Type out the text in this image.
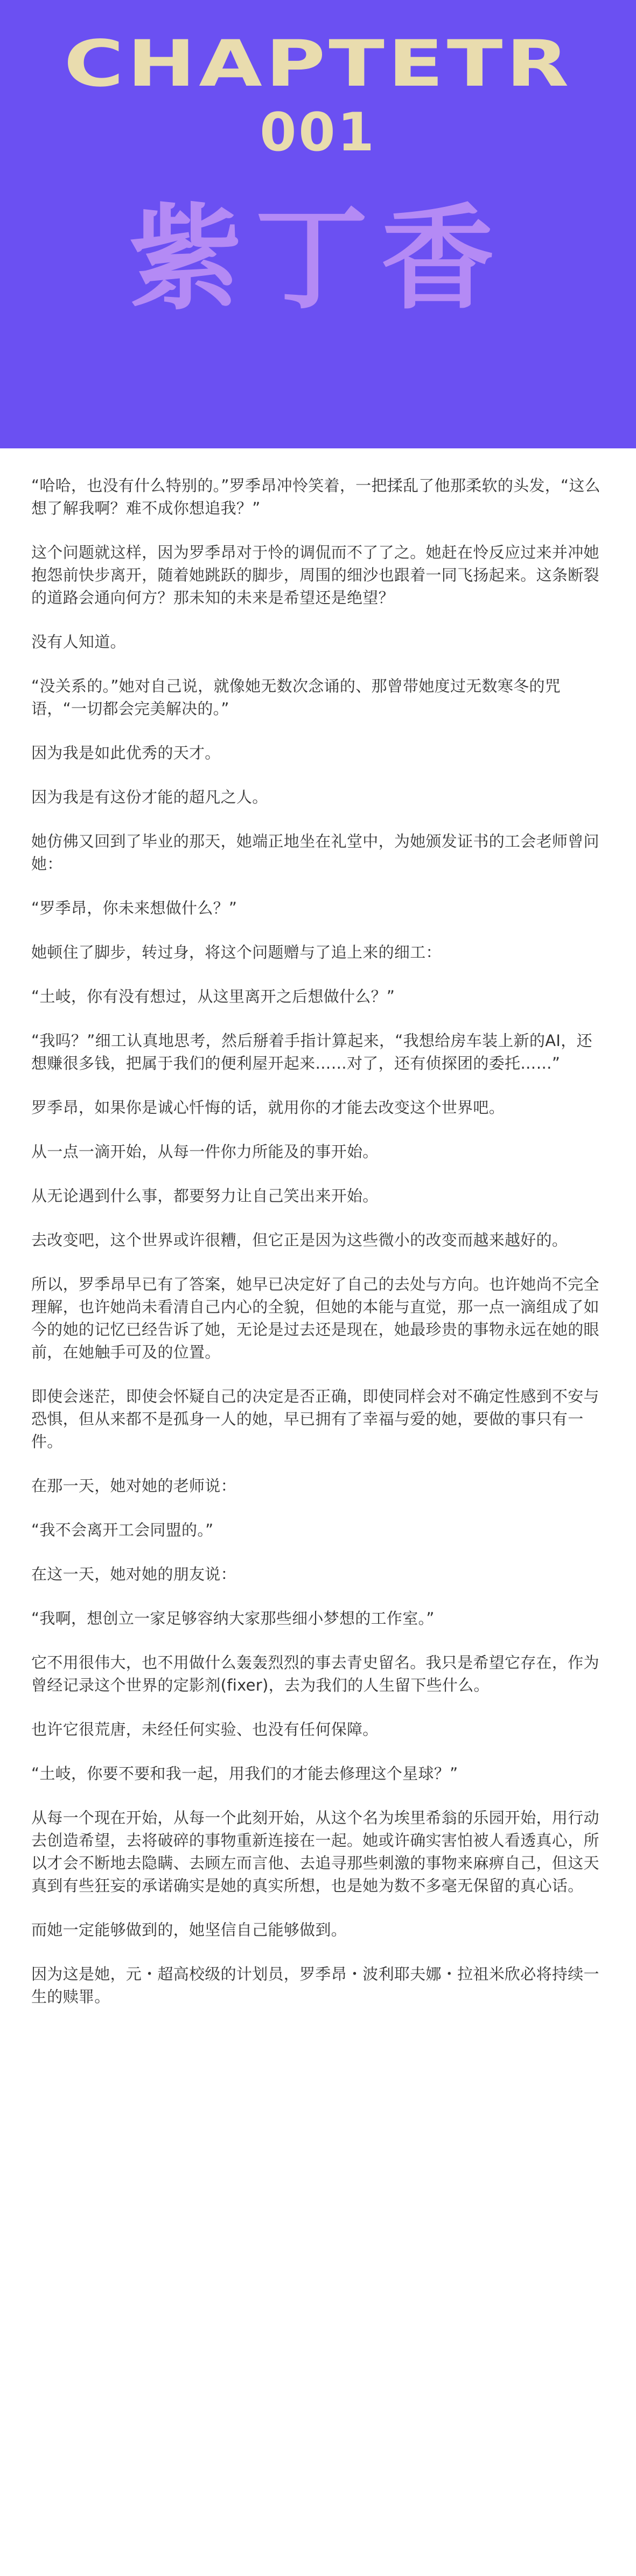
CHAPTETR
001
紫丁香

“哈哈，也没有什么特别的。”罗季昂冲怜笑着，一把揉乱了他那柔软的头发，“这么想了解我啊？难不成你想追我？”

这个问题就这样，因为罗季昂对于怜的调侃而不了了之。她赶在怜反应过来并冲她抱怨前快步离开，随着她跳跃的脚步，周围的细沙也跟着一同飞扬起来。这条断裂的道路会通向何方？那未知的未来是希望还是绝望？

没有人知道。

“没关系的。”她对自己说，就像她无数次念诵的、那曾带她度过无数寒冬的咒语，“一切都会完美解决的。”

因为我是如此优秀的天才。

因为我是有这份才能的超凡之人。

她仿佛又回到了毕业的那天，她端正地坐在礼堂中，为她颁发证书的工会老师曾问她：

“罗季昂，你未来想做什么？”

她顿住了脚步，转过身，将这个问题赠与了追上来的细工：

“土岐，你有没有想过，从这里离开之后想做什么？”

“我吗？”细工认真地思考，然后掰着手指计算起来，“我想给房车装上新的AI，还想赚很多钱，把属于我们的便利屋开起来……对了，还有侦探团的委托……”

罗季昂，如果你是诚心忏悔的话，就用你的才能去改变这个世界吧。

从一点一滴开始，从每一件你力所能及的事开始。

从无论遇到什么事，都要努力让自己笑出来开始。

去改变吧，这个世界或许很糟，但它正是因为这些微小的改变而越来越好的。

所以，罗季昂早已有了答案，她早已决定好了自己的去处与方向。也许她尚不完全理解，也许她尚未看清自己内心的全貌，但她的本能与直觉，那一点一滴组成了如今的她的记忆已经告诉了她，无论是过去还是现在，她最珍贵的事物永远在她的眼前，在她触手可及的位置。

即使会迷茫，即使会怀疑自己的决定是否正确，即使同样会对不确定性感到不安与恐惧，但从来都不是孤身一人的她，早已拥有了幸福与爱的她，要做的事只有一件。

在那一天，她对她的老师说：

“我不会离开工会同盟的。”

在这一天，她对她的朋友说：

“我啊，想创立一家足够容纳大家那些细小梦想的工作室。”

它不用很伟大，也不用做什么轰轰烈烈的事去青史留名。我只是希望它存在，作为曾经记录这个世界的定影剂(fixer)，去为我们的人生留下些什么。

也许它很荒唐，未经任何实验、也没有任何保障。

“土岐，你要不要和我一起，用我们的才能去修理这个星球？”

从每一个现在开始，从每一个此刻开始，从这个名为埃里希翁的乐园开始，用行动去创造希望，去将破碎的事物重新连接在一起。她或许确实害怕被人看透真心，所以才会不断地去隐瞒、去顾左而言他、去追寻那些刺激的事物来麻痹自己，但这天真到有些狂妄的承诺确实是她的真实所想，也是她为数不多毫无保留的真心话。

而她一定能够做到的，她坚信自己能够做到。

因为这是她，元・超高校级的计划员，罗季昂・波利耶夫娜・拉祖米欣必将持续一生的赎罪。
